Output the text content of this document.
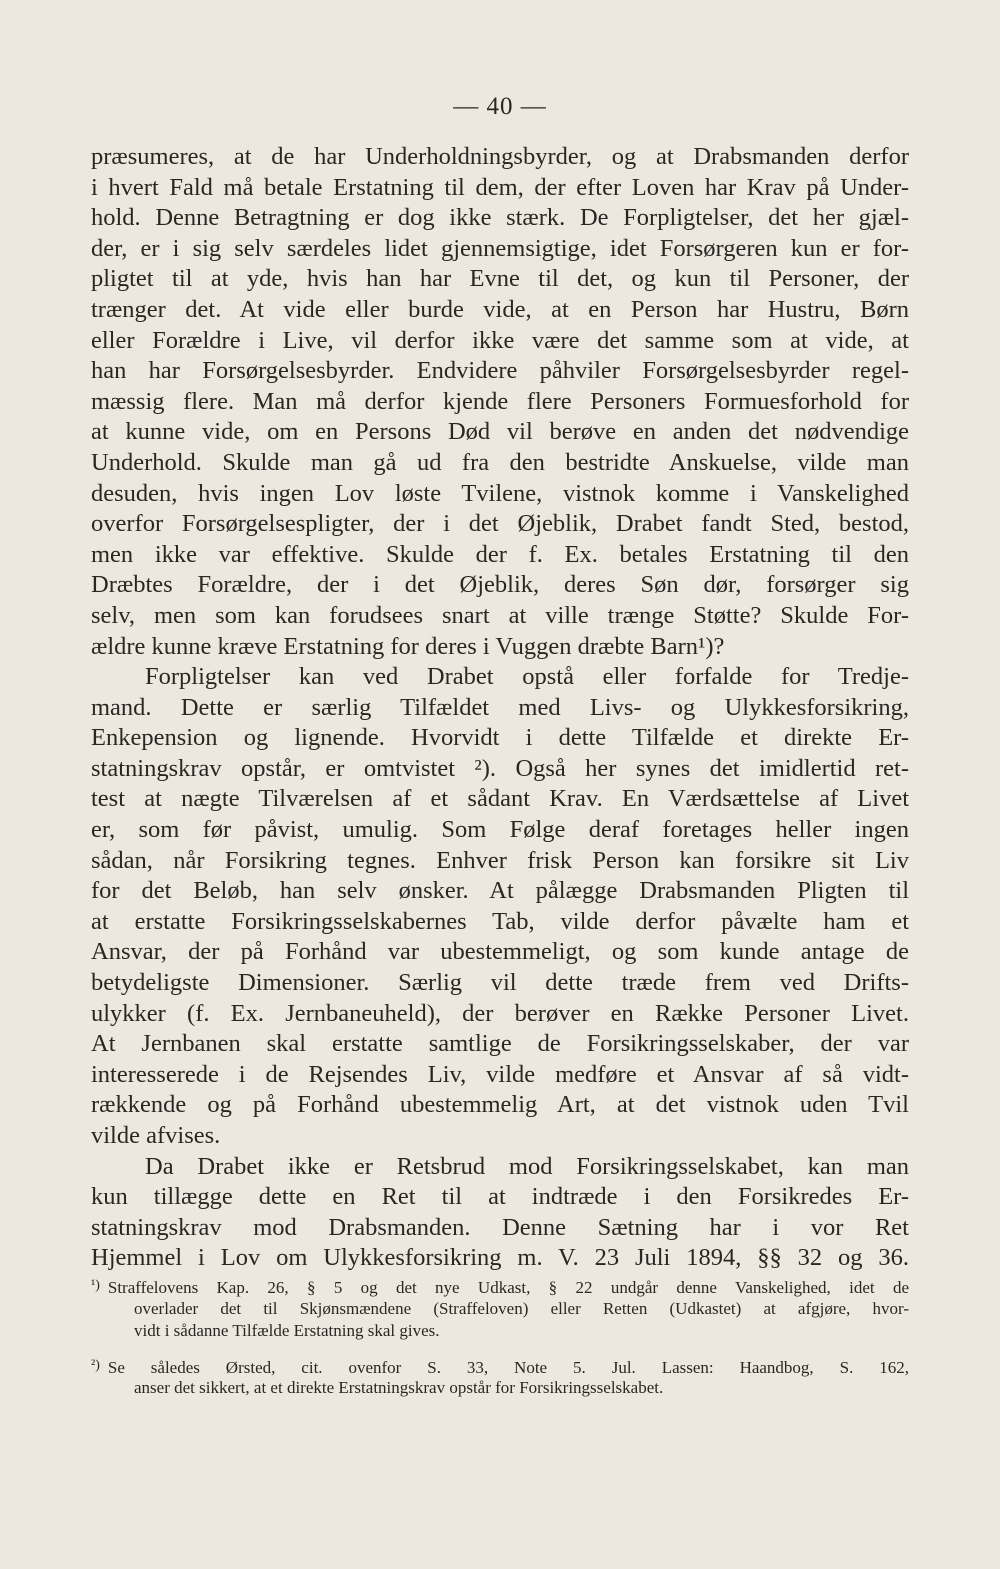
— 40 —
præsumeres, at de har Underholdningsbyrder, og at Drabsmanden derfor
i hvert Fald må betale Erstatning til dem, der efter Loven har Krav på Under-
hold. Denne Betragtning er dog ikke stærk. De Forpligtelser, det her gjæl-
der, er i sig selv særdeles lidet gjennemsigtige, idet Forsørgeren kun er for-
pligtet til at yde, hvis han har Evne til det, og kun til Personer, der
trænger det. At vide eller burde vide, at en Person har Hustru, Børn
eller Forældre i Live, vil derfor ikke være det samme som at vide, at
han har Forsørgelsesbyrder. Endvidere påhviler Forsørgelsesbyrder regel-
mæssig flere. Man må derfor kjende flere Personers Formuesforhold for
at kunne vide, om en Persons Død vil berøve en anden det nødvendige
Underhold. Skulde man gå ud fra den bestridte Anskuelse, vilde man
desuden, hvis ingen Lov løste Tvilene, vistnok komme i Vanskelighed
overfor Forsørgelsespligter, der i det Øjeblik, Drabet fandt Sted, bestod,
men ikke var effektive. Skulde der f. Ex. betales Erstatning til den
Dræbtes Forældre, der i det Øjeblik, deres Søn dør, forsørger sig
selv, men som kan forudsees snart at ville trænge Støtte? Skulde For-
ældre kunne kræve Erstatning for deres i Vuggen dræbte Barn¹)?
Forpligtelser kan ved Drabet opstå eller forfalde for Tredje-
mand. Dette er særlig Tilfældet med Livs- og Ulykkesforsikring,
Enkepension og lignende. Hvorvidt i dette Tilfælde et direkte Er-
statningskrav opstår, er omtvistet ²). Også her synes det imidlertid ret-
test at nægte Tilværelsen af et sådant Krav. En Værdsættelse af Livet
er, som før påvist, umulig. Som Følge deraf foretages heller ingen
sådan, når Forsikring tegnes. Enhver frisk Person kan forsikre sit Liv
for det Beløb, han selv ønsker. At pålægge Drabsmanden Pligten til
at erstatte Forsikringsselskabernes Tab, vilde derfor påvælte ham et
Ansvar, der på Forhånd var ubestemmeligt, og som kunde antage de
betydeligste Dimensioner. Særlig vil dette træde frem ved Drifts-
ulykker (f. Ex. Jernbaneuheld), der berøver en Række Personer Livet.
At Jernbanen skal erstatte samtlige de Forsikringsselskaber, der var
interesserede i de Rejsendes Liv, vilde medføre et Ansvar af så vidt-
rækkende og på Forhånd ubestemmelig Art, at det vistnok uden Tvil
vilde afvises.
Da Drabet ikke er Retsbrud mod Forsikringsselskabet, kan man
kun tillægge dette en Ret til at indtræde i den Forsikredes Er-
statningskrav mod Drabsmanden. Denne Sætning har i vor Ret
Hjemmel i Lov om Ulykkesforsikring m. V. 23 Juli 1894, §§ 32 og 36.
$^{^1)}$ Straffelovens Kap. 26, § 5 og det nye Udkast, § 22 undgår denne Vanskelighed, idet de
overlader det til Skjønsmændene (Straffeloven) eller Retten (Udkastet) at afgjøre, hvor-
vidt i sådanne Tilfælde Erstatning skal gives.
$^{^2)}$ Se således Ørsted, cit. ovenfor S. 33, Note 5. Jul. Lassen: Haandbog, S. 162,
anser det sikkert, at et direkte Erstatningskrav opstår for Forsikringsselskabet.
